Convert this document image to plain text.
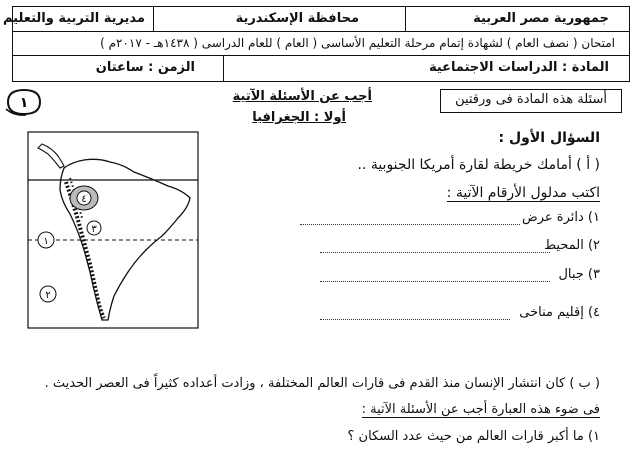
جمهورية مصر العربية
محافظة الإسكندرية
مديرية التربية والتعليم
امتحان ( نصف العام ) لشهادة إتمام مرحلة التعليم الأساسى ( العام ) للعام الدراسى ( ١٤٣٨هـ - ٢٠١٧م )
المادة : الدراسات الاجتماعية
الزمن : ساعتان
أسئلة هذه المادة فى ورقتين
أجب عن الأسئلة الآتية
أولا : الجغرافيا
١
٤
٣
١
٢
السؤال الأول :
( أ ) أمامك خريطة لقارة أمريكا الجنوبية ..
اكتب مدلول الأرقام الآتية :
١) دائرة عرض
٢) المحيط
٣) جبال
٤) إقليم مناخى
( ب ) كان انتشار الإنسان منذ القدم فى قارات العالم المختلفة ، وزادت أعداده كثيراً فى العصر الحديث .
فى ضوء هذه العبارة أجب عن الأسئلة الآتية :
١) ما أكبر قارات العالم من حيث عدد السكان ؟
